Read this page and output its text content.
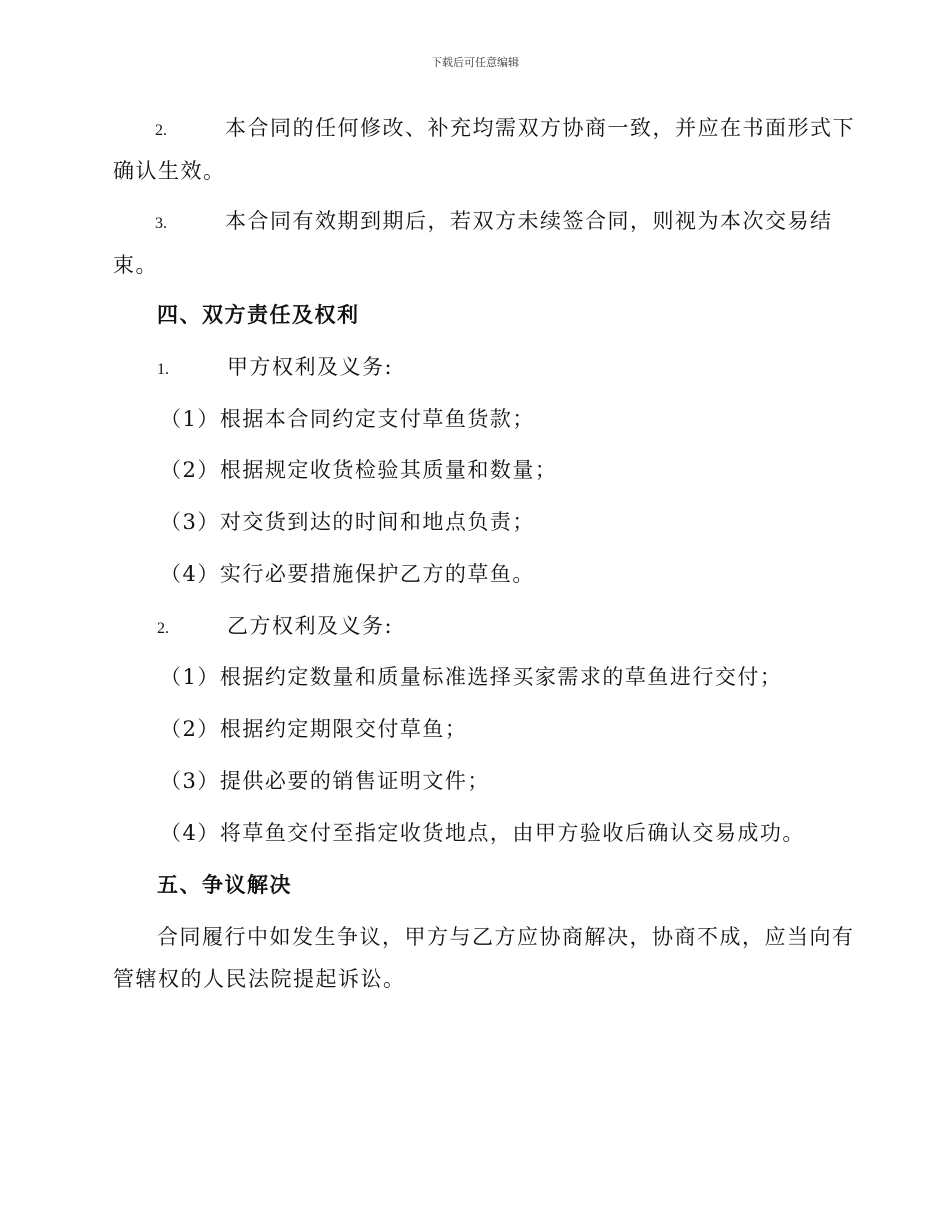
下载后可任意编辑
2.	本合同的任何修改、补充均需双方协商一致，并应在书面形式下
确认生效。
3.	本合同有效期到期后，若双方未续签合同，则视为本次交易结
束。
四、双方责任及权利
1.	甲方权利及义务:
（1）根据本合同约定支付草鱼货款；
（2）根据规定收货检验其质量和数量；
（3）对交货到达的时间和地点负责；
（4）实行必要措施保护乙方的草鱼。
2.	乙方权利及义务:
（1）根据约定数量和质量标准选择买家需求的草鱼进行交付；
（2）根据约定期限交付草鱼；
（3）提供必要的销售证明文件；
（4）将草鱼交付至指定收货地点，由甲方验收后确认交易成功。
五、争议解决
合同履行中如发生争议，甲方与乙方应协商解决，协商不成，应当向有
管辖权的人民法院提起诉讼。
